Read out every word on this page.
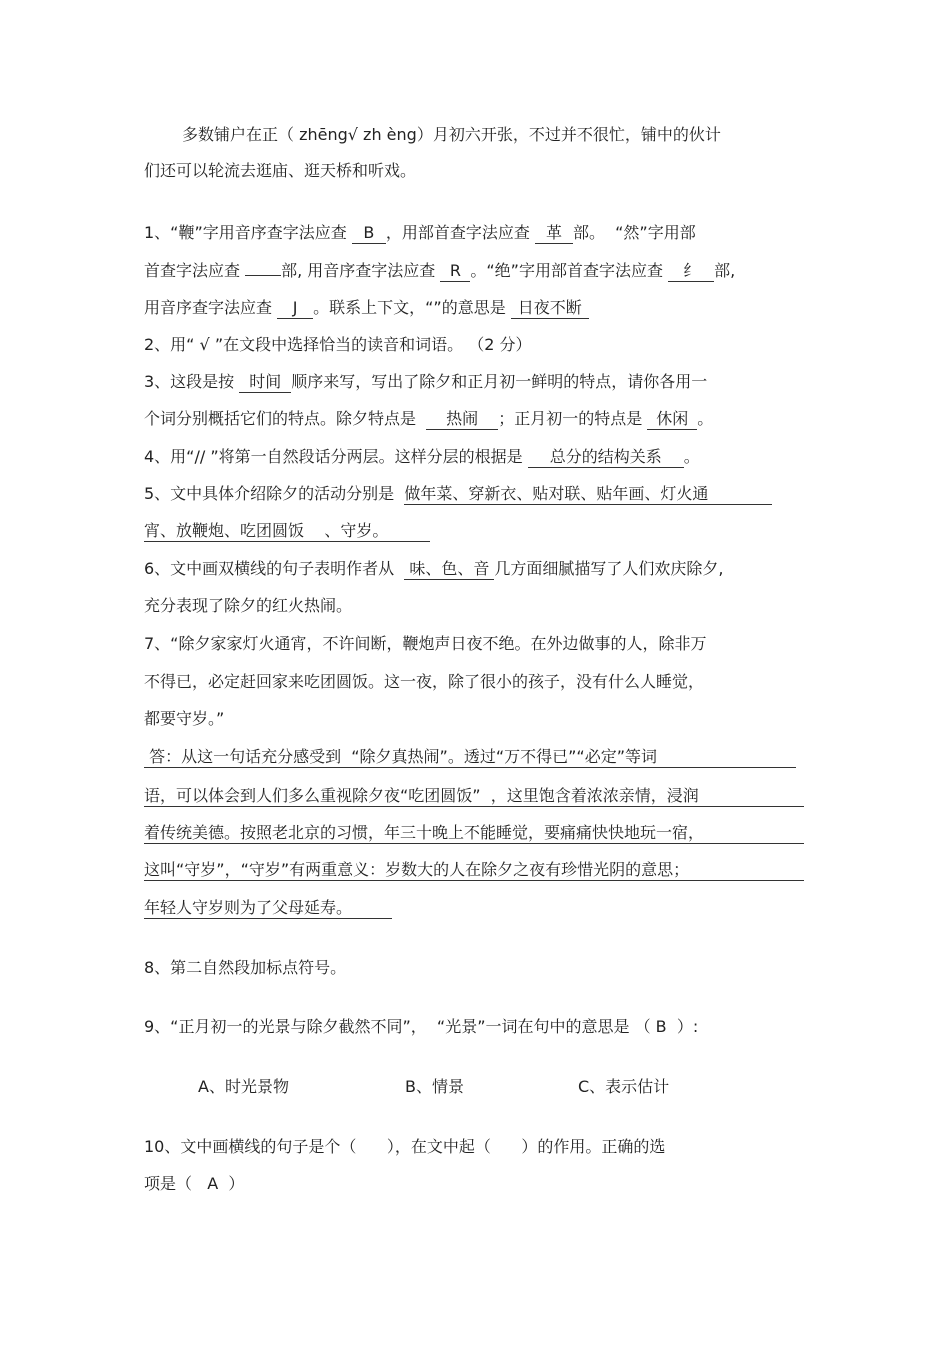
多数铺户在正（ zhēng√ zh èng）月初六开张，不过并不很忙，铺中的伙计
们还可以轮流去逛庙、逛天桥和听戏。
1、“鞭”字用音序查字法应查 B ，用部首查字法应查 革 部。  “然”字用部
首查字法应查	部, 用音序查字法应查 R 。“绝”字用部首查字法应查 纟 部,
用音序查字法应查 J 。联系上下文，“”的意思是 日夜不断
2、用“ √ ”在文段中选择恰当的读音和词语。 （2 分）
3、这段是按 时间 顺序来写，写出了除夕和正月初一鲜明的特点，请你各用一
个词分别概括它们的特点。除夕特点是 热闹 ；正月初一的特点是 休闲 。
4、用“// ”将第一自然段话分两层。这样分层的根据是 总分的结构关系 。
5、文中具体介绍除夕的活动分别是 做年菜、穿新衣、贴对联、贴年画、灯火通
宵、放鞭炮、吃团圆饭    、守岁。
6、文中画双横线的句子表明作者从 味、色、音 几方面细腻描写了人们欢庆除夕,
充分表现了除夕的红火热闹。
7、“除夕家家灯火通宵，不许间断，鞭炮声日夜不绝。在外边做事的人，除非万
不得已，必定赶回家来吃团圆饭。这一夜，除了很小的孩子，没有什么人睡觉，
都要守岁。”
答：从这一句话充分感受到  “除夕真热闹”。透过“万不得已”“必定”等词
语，可以体会到人们多么重视除夕夜“吃团圆饭”  ，这里饱含着浓浓亲情，浸润
着传统美德。按照老北京的习惯，年三十晚上不能睡觉，要痛痛快快地玩一宿，
这叫“守岁”，“守岁”有两重意义：岁数大的人在除夕之夜有珍惜光阴的意思；
年轻人守岁则为了父母延寿。
8、第二自然段加标点符号。
9、“正月初一的光景与除夕截然不同”，  “光景”一词在句中的意思是 （ B  ）:
A、时光景物	B、情景	C、表示估计
10、文中画横线的句子是个（      ），在文中起（      ）的作用。正确的选
项是（   A  ）
